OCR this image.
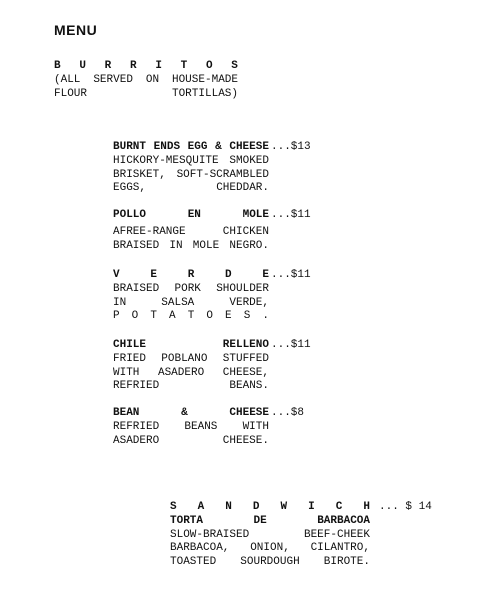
MENU
B U R R I T O S
(ALL SERVED ON HOUSE-MADE
FLOUR	TORTILLAS)
BURNT ENDS EGG & CHEESE ...$13
HICKORY-MESQUITE SMOKED
BRISKET, SOFT-SCRAMBLED
EGGS,	CHEDDAR.
POLLO	EN	MOLE ...$11
AFREE-RANGE	CHICKEN
BRAISED IN MOLE NEGRO.
V	E	R	D	E ...$11
BRAISED PORK SHOULDER
IN	SALSA	VERDE,
P O T A T O E S .
CHILE	RELLENO ...$11
FRIED POBLANO STUFFED
WITH ASADERO CHEESE,
REFRIED	BEANS.
BEAN	&	CHEESE ...$8
REFRIED BEANS WITH
ASADERO	CHEESE.
S A N D W I C H ... $ 14
TORTA	DE	BARBACOA
SLOW-BRAISED	BEEF-CHEEK
BARBACOA, ONION, CILANTRO,
TOASTED SOURDOUGH BIROTE.
